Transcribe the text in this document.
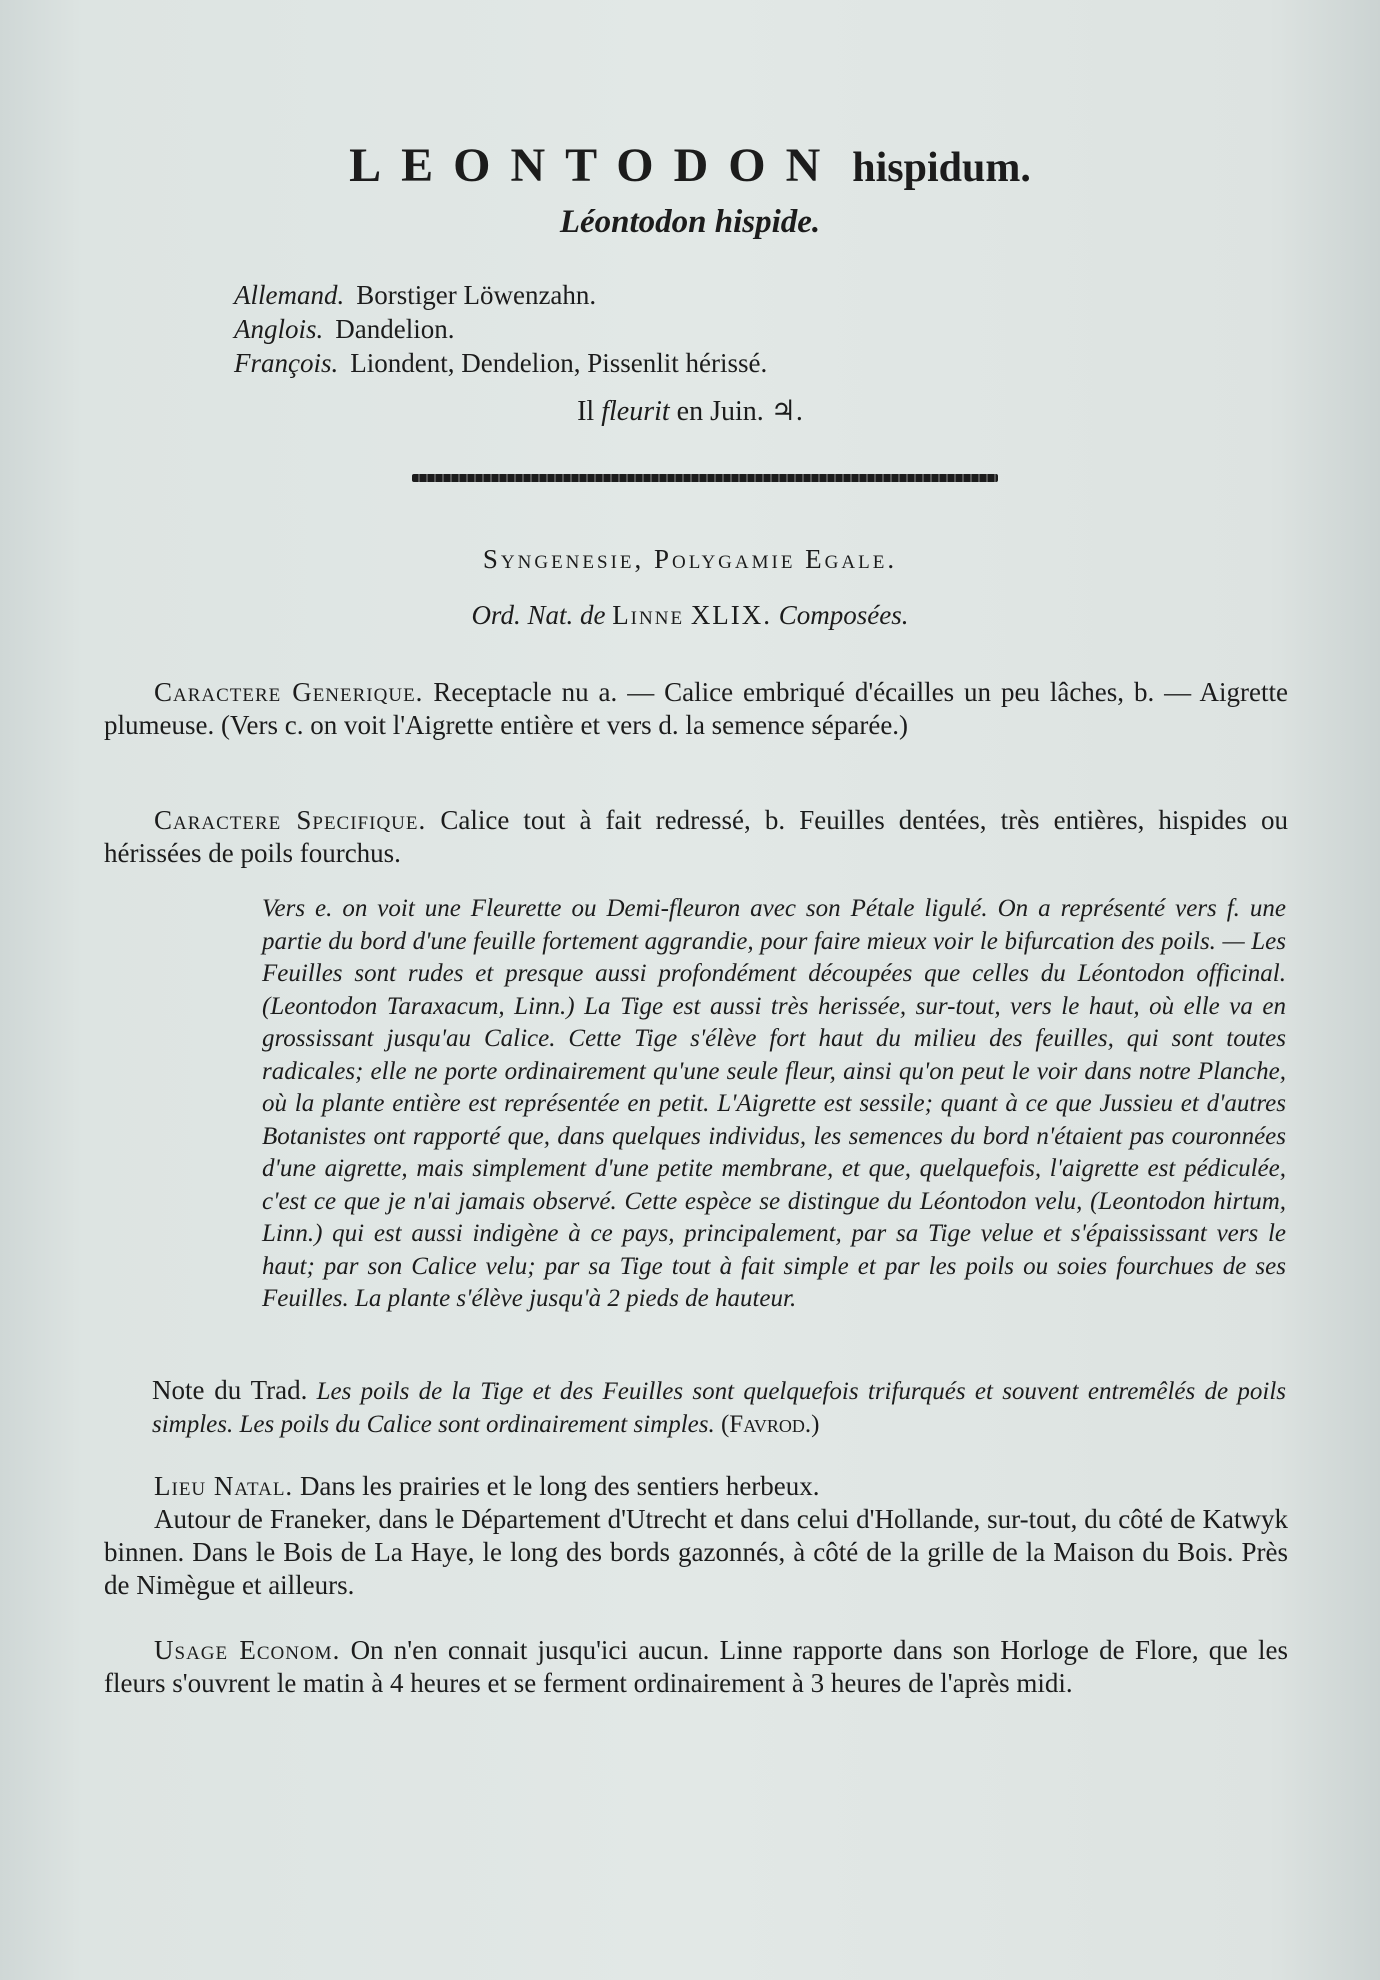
LEONTODON hispidum.
Léontodon hispide.
Allemand. Borstiger Löwenzahn.
Anglois. Dandelion.
François. Liondent, Dendelion, Pissenlit hérissé.
Il fleurit en Juin. ♃.
Syngenesie, Polygamie Egale.
Ord. Nat. de Linne XLIX. Composées.
Caractere Generique. Receptacle nu a. — Calice embriqué d'écailles un peu lâches, b. — Aigrette plumeuse. (Vers c. on voit l'Aigrette entière et vers d. la semence séparée.)
Caractere Specifique. Calice tout à fait redressé, b. Feuilles dentées, très entières, hispides ou hérissées de poils fourchus.
Vers e. on voit une Fleurette ou Demi-fleuron avec son Pétale ligulé. On a représenté vers f. une partie du bord d'une feuille fortement aggrandie, pour faire mieux voir le bifurcation des poils. — Les Feuilles sont rudes et presque aussi profondément découpées que celles du Léontodon officinal. (Leontodon Taraxacum, Linn.) La Tige est aussi très herissée, sur-tout, vers le haut, où elle va en grossissant jusqu'au Calice. Cette Tige s'élève fort haut du milieu des feuilles, qui sont toutes radicales; elle ne porte ordinairement qu'une seule fleur, ainsi qu'on peut le voir dans notre Planche, où la plante entière est représentée en petit. L'Aigrette est sessile; quant à ce que Jussieu et d'autres Botanistes ont rapporté que, dans quelques individus, les semences du bord n'étaient pas couronnées d'une aigrette, mais simplement d'une petite membrane, et que, quelquefois, l'aigrette est pédiculée, c'est ce que je n'ai jamais observé. Cette espèce se distingue du Léontodon velu, (Leontodon hirtum, Linn.) qui est aussi indigène à ce pays, principalement, par sa Tige velue et s'épaississant vers le haut; par son Calice velu; par sa Tige tout à fait simple et par les poils ou soies fourchues de ses Feuilles. La plante s'élève jusqu'à 2 pieds de hauteur.
Note du Trad. Les poils de la Tige et des Feuilles sont quelquefois trifurqués et souvent entremêlés de poils simples. Les poils du Calice sont ordinairement simples. (Favrod.)
Lieu Natal. Dans les prairies et le long des sentiers herbeux.
Autour de Franeker, dans le Département d'Utrecht et dans celui d'Hollande, sur-tout, du côté de Katwyk binnen. Dans le Bois de La Haye, le long des bords gazonnés, à côté de la grille de la Maison du Bois. Près de Nimègue et ailleurs.
Usage Econom. On n'en connait jusqu'ici aucun. Linne rapporte dans son Horloge de Flore, que les fleurs s'ouvrent le matin à 4 heures et se ferment ordinairement à 3 heures de l'après midi.
